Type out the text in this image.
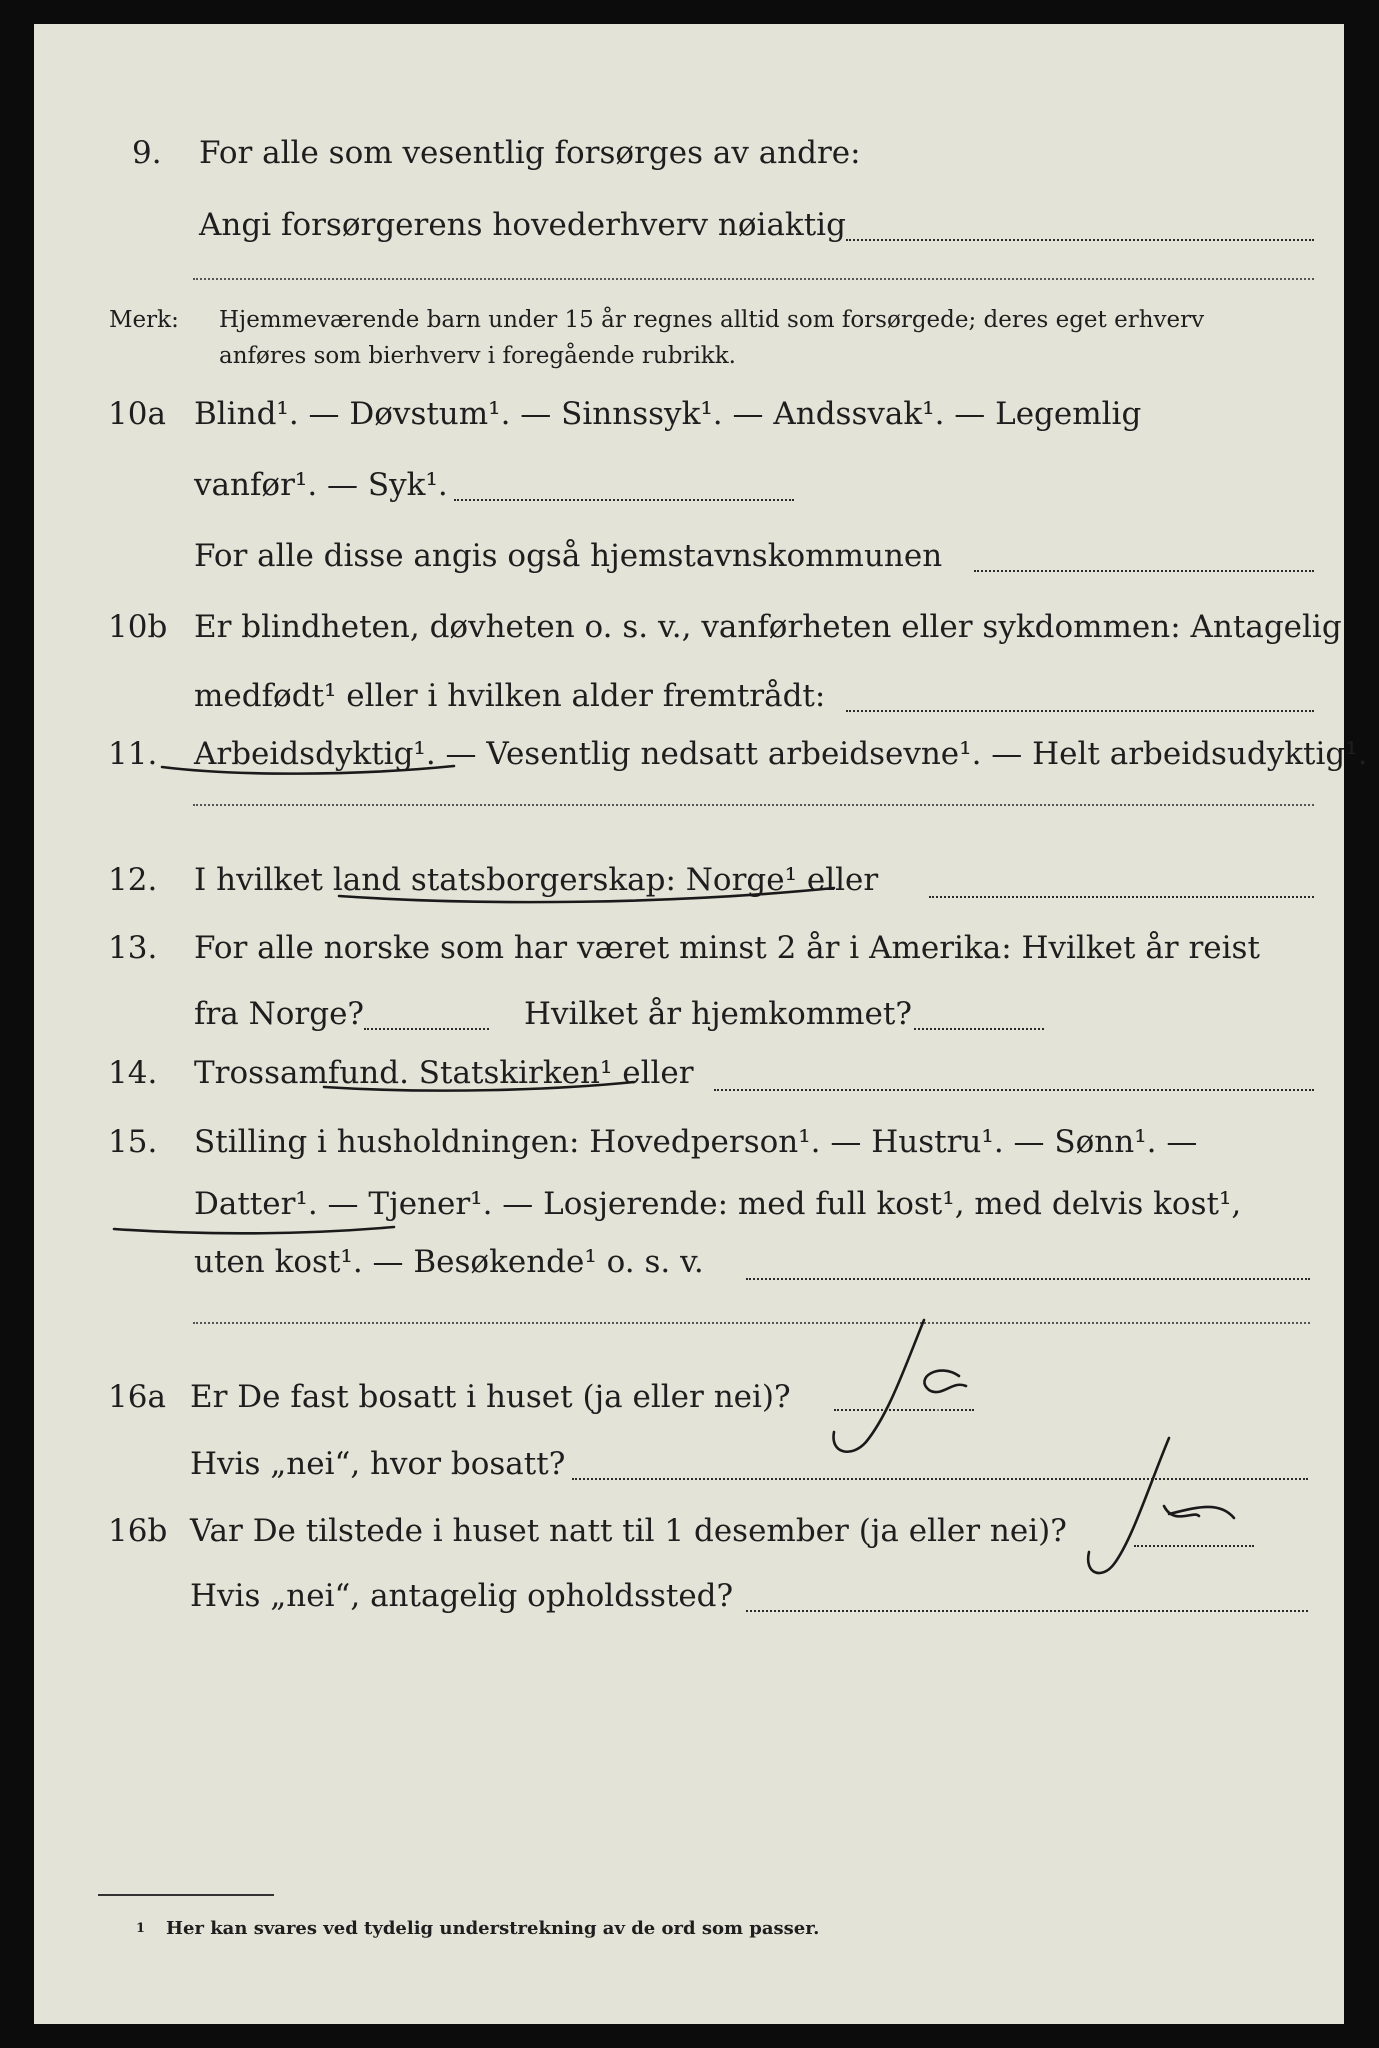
9.	For alle som vesentlig forsørges av andre:
Angi forsørgerens hovederhverv nøiaktig
Merk: Hjemmeværende barn under 15 år regnes alltid som forsørgede; deres eget erhverv
anføres som bierhverv i foregående rubrikk.
10a Blind¹. — Døvstum¹. — Sinnssyk¹. — Andssvak¹. — Legemlig
vanfør¹. — Syk¹.
For alle disse angis også hjemstavnskommunen
10b Er blindheten, døvheten o. s. v., vanførheten eller sykdommen: Antagelig
medfødt¹ eller i hvilken alder fremtrådt:
11.	Arbeidsdyktig¹. — Vesentlig nedsatt arbeidsevne¹. — Helt arbeidsudyktig¹.
12.	I hvilket land statsborgerskap: Norge¹ eller
13.	For alle norske som har været minst 2 år i Amerika: Hvilket år reist
fra Norge?	Hvilket år hjemkommet?
14.	Trossamfund. Statskirken¹ eller
15.	Stilling i husholdningen: Hovedperson¹. — Hustru¹. — Sønn¹. —
Datter¹. — Tjener¹. — Losjerende: med full kost¹, med delvis kost¹,
uten kost¹. — Besøkende¹ o. s. v.
16a Er De fast bosatt i huset (ja eller nei)?
Hvis „nei“, hvor bosatt?
16b Var De tilstede i huset natt til 1 desember (ja eller nei)?
Hvis „nei“, antagelig opholdssted?
1 Her kan svares ved tydelig understrekning av de ord som passer.
Ja
Ja
